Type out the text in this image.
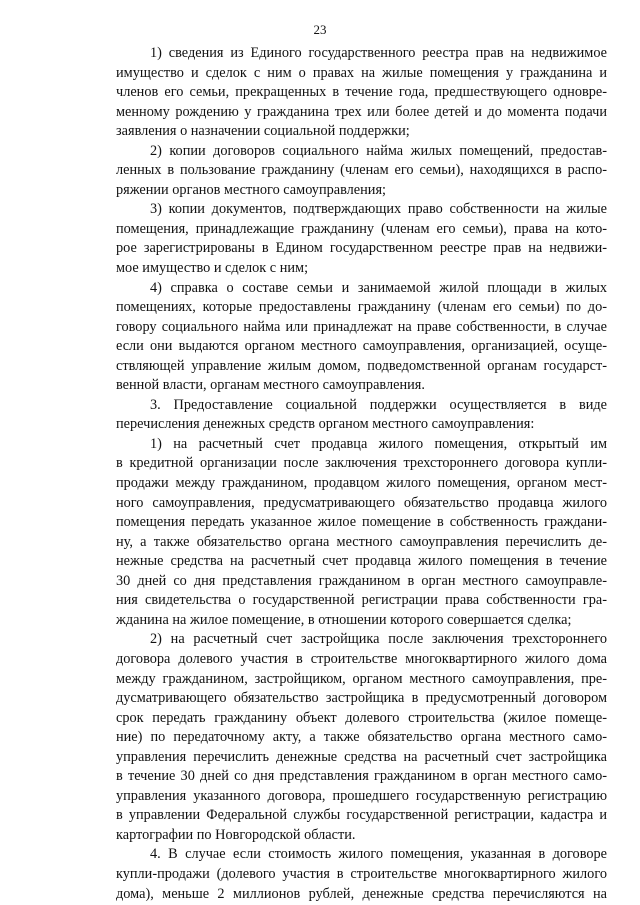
23
1) сведения из Единого государственного реестра прав на недвижимое
имущество и сделок с ним о правах на жилые помещения у гражданина и
членов его семьи, прекращенных в течение года, предшествующего одновре-
менному рождению у гражданина трех или более детей и до момента подачи
заявления о назначении социальной поддержки;
2) копии договоров социального найма жилых помещений, предостав-
ленных в пользование гражданину (членам его семьи), находящихся в распо-
ряжении органов местного самоуправления;
3) копии документов, подтверждающих право собственности на жилые
помещения, принадлежащие гражданину (членам его семьи), права на кото-
рое зарегистрированы в Едином государственном реестре прав на недвижи-
мое имущество и сделок с ним;
4) справка о составе семьи и занимаемой жилой площади в жилых
помещениях, которые предоставлены гражданину (членам его семьи) по до-
говору социального найма или принадлежат на праве собственности, в случае
если они выдаются органом местного самоуправления, организацией, осуще-
ствляющей управление жилым домом, подведомственной органам государст-
венной власти, органам местного самоуправления.
3. Предоставление социальной поддержки осуществляется в виде
перечисления денежных средств органом местного самоуправления:
1) на расчетный счет продавца жилого помещения, открытый им
в кредитной организации после заключения трехстороннего договора купли-
продажи между гражданином, продавцом жилого помещения, органом мест-
ного самоуправления, предусматривающего обязательство продавца жилого
помещения передать указанное жилое помещение в собственность граждани-
ну, а также обязательство органа местного самоуправления перечислить де-
нежные средства на расчетный счет продавца жилого помещения в течение
30 дней со дня представления гражданином в орган местного самоуправле-
ния свидетельства о государственной регистрации права собственности гра-
жданина на жилое помещение, в отношении которого совершается сделка;
2) на расчетный счет застройщика после заключения трехстороннего
договора долевого участия в строительстве многоквартирного жилого дома
между гражданином, застройщиком, органом местного самоуправления, пре-
дусматривающего обязательство застройщика в предусмотренный договором
срок передать гражданину объект долевого строительства (жилое помеще-
ние) по передаточному акту, а также обязательство органа местного само-
управления перечислить денежные средства на расчетный счет застройщика
в течение 30 дней со дня представления гражданином в орган местного само-
управления указанного договора, прошедшего государственную регистрацию
в управлении Федеральной службы государственной регистрации, кадастра и
картографии по Новгородской области.
4. В случае если стоимость жилого помещения, указанная в договоре
купли-продажи (долевого участия в строительстве многоквартирного жилого
дома), меньше 2 миллионов рублей, денежные средства перечисляются на
